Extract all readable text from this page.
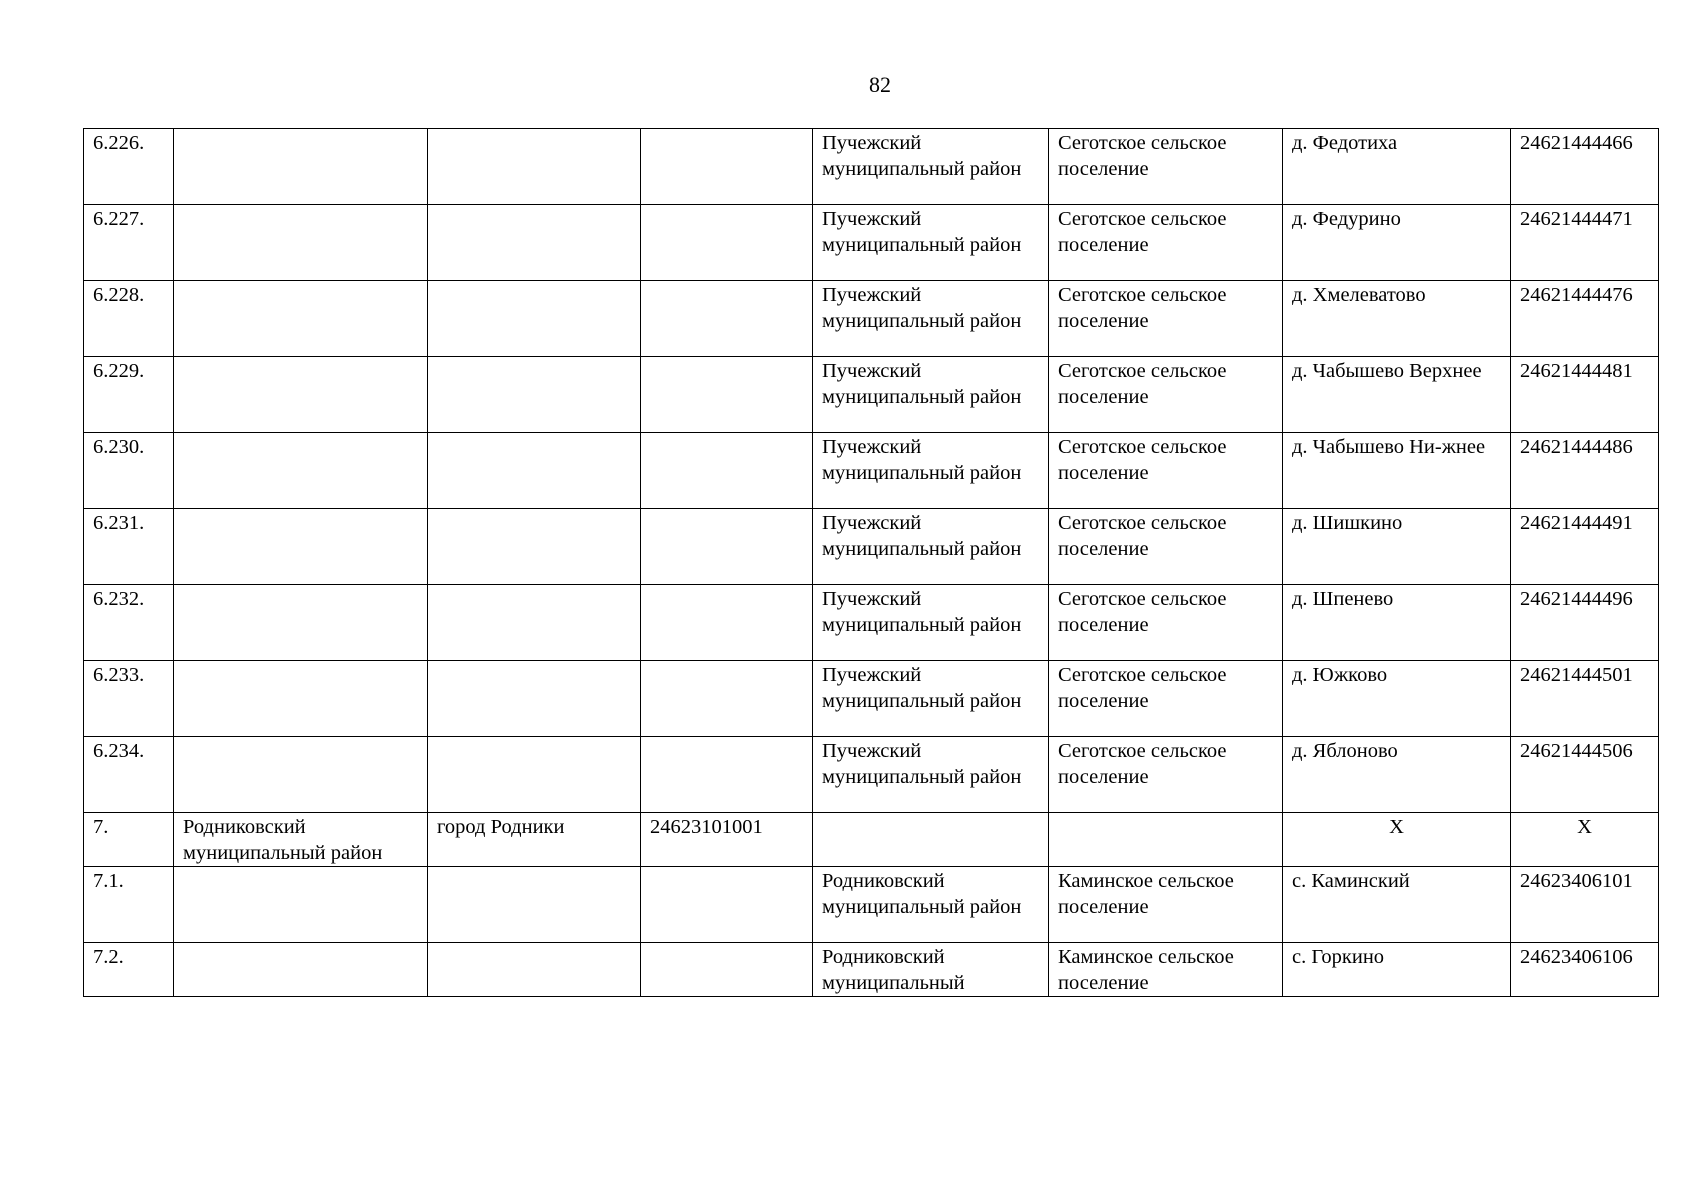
82
6.226.				Пучежский муниципальный район	Сеготское сельское поселение	д. Федотиха	24621444466
6.227.				Пучежский муниципальный район	Сеготское сельское поселение	д. Федурино	24621444471
6.228.				Пучежский муниципальный район	Сеготское сельское поселение	д. Хмелеватово	24621444476
6.229.				Пучежский муниципальный район	Сеготское сельское поселение	д. Чабышево Верхнее	24621444481
6.230.				Пучежский муниципальный район	Сеготское сельское поселение	д. Чабышево Ни-жнее	24621444486
6.231.				Пучежский муниципальный район	Сеготское сельское поселение	д. Шишкино	24621444491
6.232.				Пучежский муниципальный район	Сеготское сельское поселение	д. Шпенево	24621444496
6.233.				Пучежский муниципальный район	Сеготское сельское поселение	д. Южково	24621444501
6.234.				Пучежский муниципальный район	Сеготское сельское поселение	д. Яблоново	24621444506
7.	Родниковский муниципальный район	город Родники	24623101001			Х	Х
7.1.				Родниковский муниципальный район	Каминское сельское поселение	с. Каминский	24623406101
7.2.				Родниковский муниципальный	Каминское сельское поселение	с. Горкино	24623406106
